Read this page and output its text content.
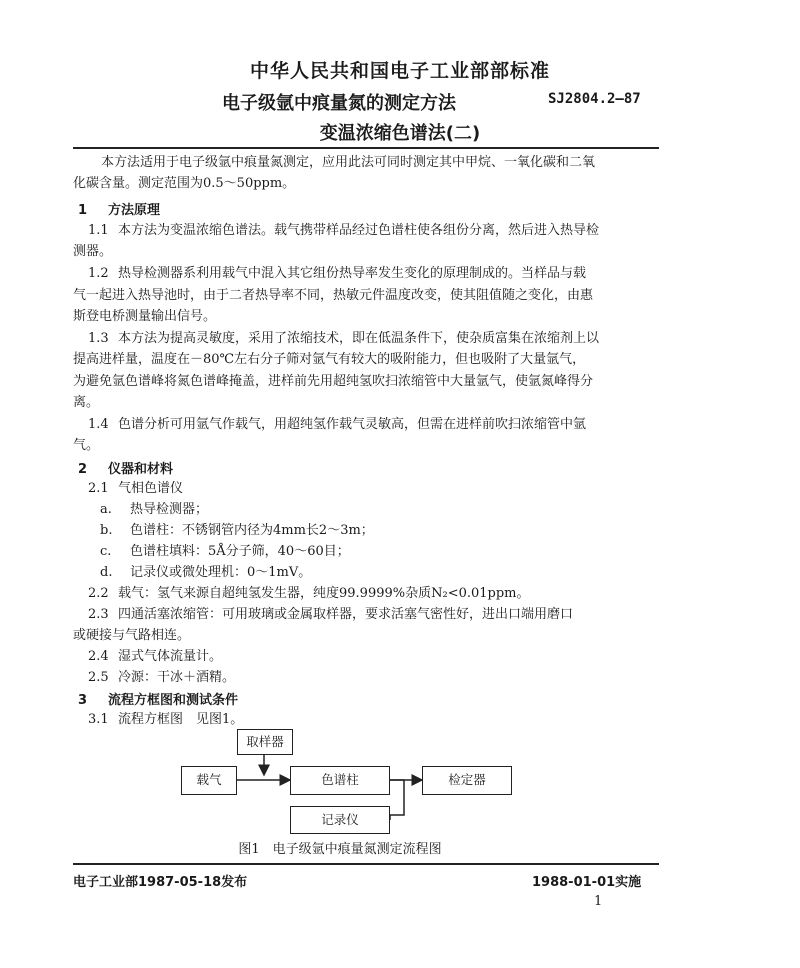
中华人民共和国电子工业部部标准
电子级氩中痕量氮的测定方法	SJ2804.2—87
变温浓缩色谱法(二)
本方法适用于电子级氩中痕量氮测定，应用此法可同时测定其中甲烷、一氧化碳和二氧
化碳含量。测定范围为0.5～50ppm。
1 方法原理
1.1 本方法为变温浓缩色谱法。载气携带样品经过色谱柱使各组份分离，然后进入热导检
测器。
1.2 热导检测器系利用载气中混入其它组份热导率发生变化的原理制成的。当样品与载
气一起进入热导池时，由于二者热导率不同，热敏元件温度改变，使其阻值随之变化，由惠
斯登电桥测量输出信号。
1.3 本方法为提高灵敏度，采用了浓缩技术，即在低温条件下，使杂质富集在浓缩剂上以
提高进样量，温度在－80℃左右分子筛对氩气有较大的吸附能力，但也吸附了大量氩气，
为避免氩色谱峰将氮色谱峰掩盖，进样前先用超纯氢吹扫浓缩管中大量氩气，使氩氮峰得分
离。
1.4 色谱分析可用氩气作载气，用超纯氢作载气灵敏高，但需在进样前吹扫浓缩管中氩
气。
2 仪器和材料
2.1 气相色谱仪
a. 热导检测器；
b. 色谱柱：不锈钢管内径为4mm长2～3m；
c. 色谱柱填料：5Å分子筛，40～60目；
d. 记录仪或微处理机：0～1mV。
2.2 载气：氢气来源自超纯氢发生器，纯度99.9999%杂质N₂<0.01ppm。
2.3 四通活塞浓缩管：可用玻璃或金属取样器，要求活塞气密性好，进出口端用磨口
或硬接与气路相连。
2.4 湿式气体流量计。
2.5 冷源：干冰＋酒精。
3 流程方框图和测试条件
3.1 流程方框图　见图1。
取样器
载气	色谱柱	检定器
记录仪
图1　电子级氩中痕量氮测定流程图
电子工业部1987-05-18发布	1988-01-01实施
1
